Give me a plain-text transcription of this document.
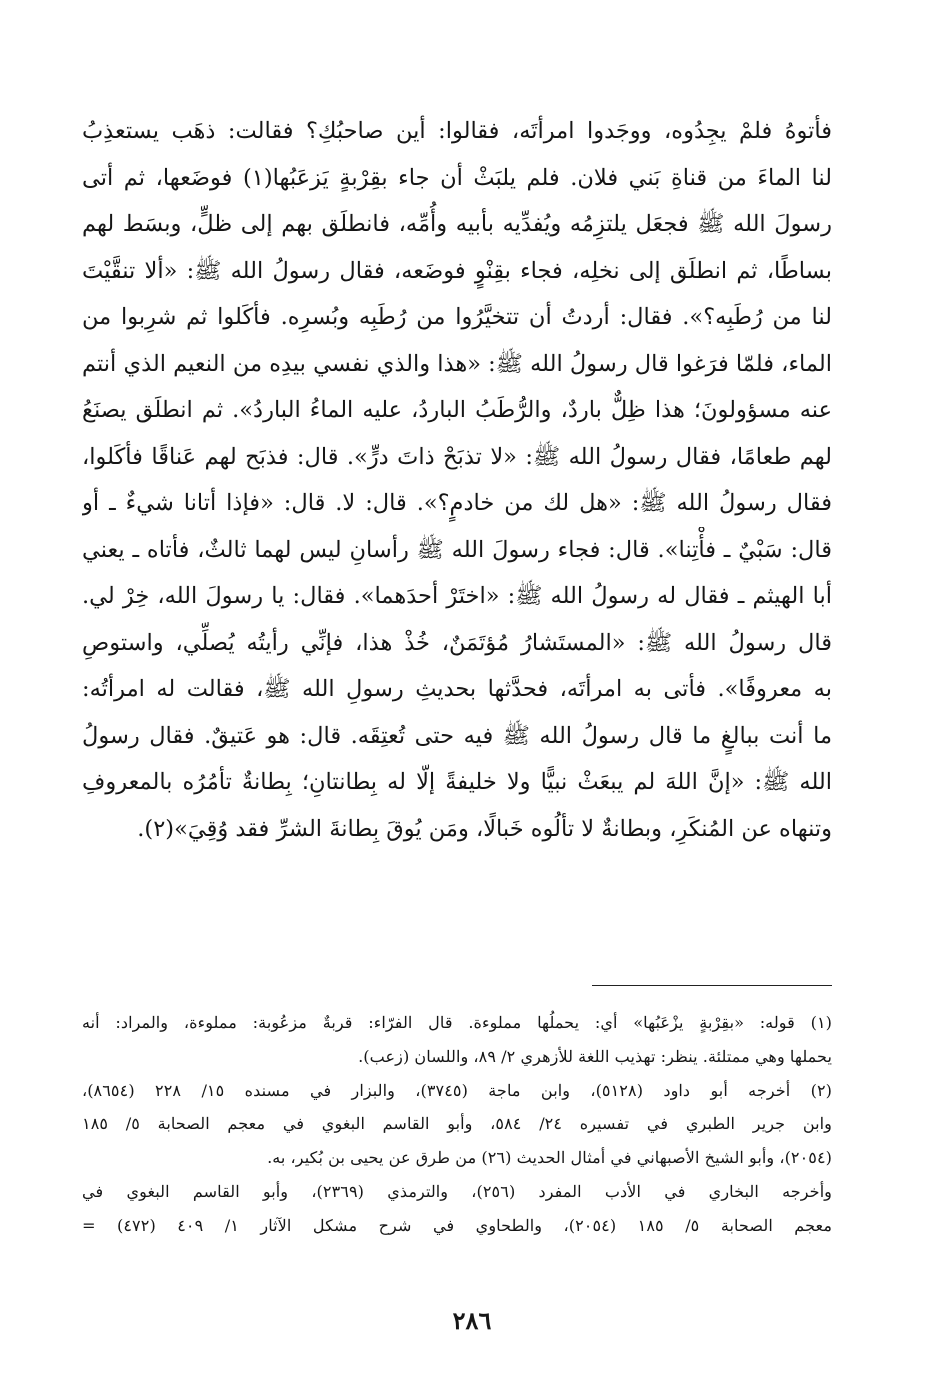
فأتوهُ فلمْ يجِدُوه، ووجَدوا امرأتَه، فقالوا: أين صاحبُكِ؟ فقالت: ذهَب يستعذِبُ
لنا الماءَ من قناةِ بَني فلان. فلم يلبَثْ أن جاء بقِرْبةٍ يَزعَبُها(١) فوضَعها، ثم أتى
رسولَ الله ﷺ فجعَل يلتزِمُه ويُفدِّيه بأبيه وأُمِّه، فانطلَق بهم إلى ظلٍّ، وبسَط لهم
بساطًا، ثم انطلَق إلى نخلِه، فجاء بقِنْوٍ فوضَعه، فقال رسولُ الله ﷺ: «ألا تنقَّيْتَ
لنا من رُطَبِه؟». فقال: أردتُ أن تتخيَّرُوا من رُطَبِه وبُسرِه. فأكَلوا ثم شرِبوا من
الماء، فلمّا فرَغوا قال رسولُ الله ﷺ: «هذا والذي نفسي بيدِه من النعيم الذي أنتم
عنه مسؤولونَ؛ هذا ظِلٌّ باردٌ، والرُّطَبُ الباردُ، عليه الماءُ الباردُ». ثم انطلَق يصنَعُ
لهم طعامًا، فقال رسولُ الله ﷺ: «لا تذبَحْ ذاتَ درٍّ». قال: فذبَح لهم عَناقًا فأكَلوا،
فقال رسولُ الله ﷺ: «هل لك من خادمٍ؟». قال: لا. قال: «فإذا أتانا شيءٌ ـ أو
قال: سَبْيٌ ـ فأْتِنا». قال: فجاء رسولَ الله ﷺ رأسانِ ليس لهما ثالثٌ، فأتاه ـ يعني
أبا الهيثم ـ فقال له رسولُ الله ﷺ: «اختَرْ أحدَهما». فقال: يا رسولَ الله، خِرْ لي.
قال رسولُ الله ﷺ: «المستَشارُ مُؤتَمَنٌ، خُذْ هذا، فإنِّي رأيتُه يُصلِّي، واستوصِ
به معروفًا». فأتى به امرأتَه، فحدَّثها بحديثِ رسولِ الله ﷺ، فقالت له امرأتُه:
ما أنت ببالغٍ ما قال رسولُ الله ﷺ فيه حتى تُعتِقَه. قال: هو عَتيقٌ. فقال رسولُ
الله ﷺ: «إنَّ اللهَ لم يبعَثْ نبيًّا ولا خليفةً إلّا له بِطانتانِ؛ بِطانةٌ تأمُرُه بالمعروفِ
وتنهاه عن المُنكَرِ، وبطانةٌ لا تألُوه خَبالًا، ومَن يُوقَ بِطانةَ الشرِّ فقد وُقِيَ»(٢).
(١) قوله: «بقِرْبةٍ يزْعَبُها» أي: يحملُها مملوءة. قال الفرّاء: قربةٌ مزعُوبة: مملوءة، والمراد: أنه
يحملها وهي ممتلئة. ينظر: تهذيب اللغة للأزهري ٢/ ٨٩، واللسان (زعب).
(٢) أخرجه أبو داود (٥١٢٨)، وابن ماجة (٣٧٤٥)، والبزار في مسنده ١٥/ ٢٢٨ (٨٦٥٤)،
وابن جرير الطبري في تفسيره ٢٤/ ٥٨٤، وأبو القاسم البغوي في معجم الصحابة ٥/ ١٨٥
(٢٠٥٤)، وأبو الشيخ الأصبهاني في أمثال الحديث (٢٦) من طرق عن يحيى بن بُكير، به.
وأخرجه البخاري في الأدب المفرد (٢٥٦)، والترمذي (٢٣٦٩)، وأبو القاسم البغوي في
معجم الصحابة ٥/ ١٨٥ (٢٠٥٤)، والطحاوي في شرح مشكل الآثار ١/ ٤٠٩ (٤٧٢) =
٢٨٦
